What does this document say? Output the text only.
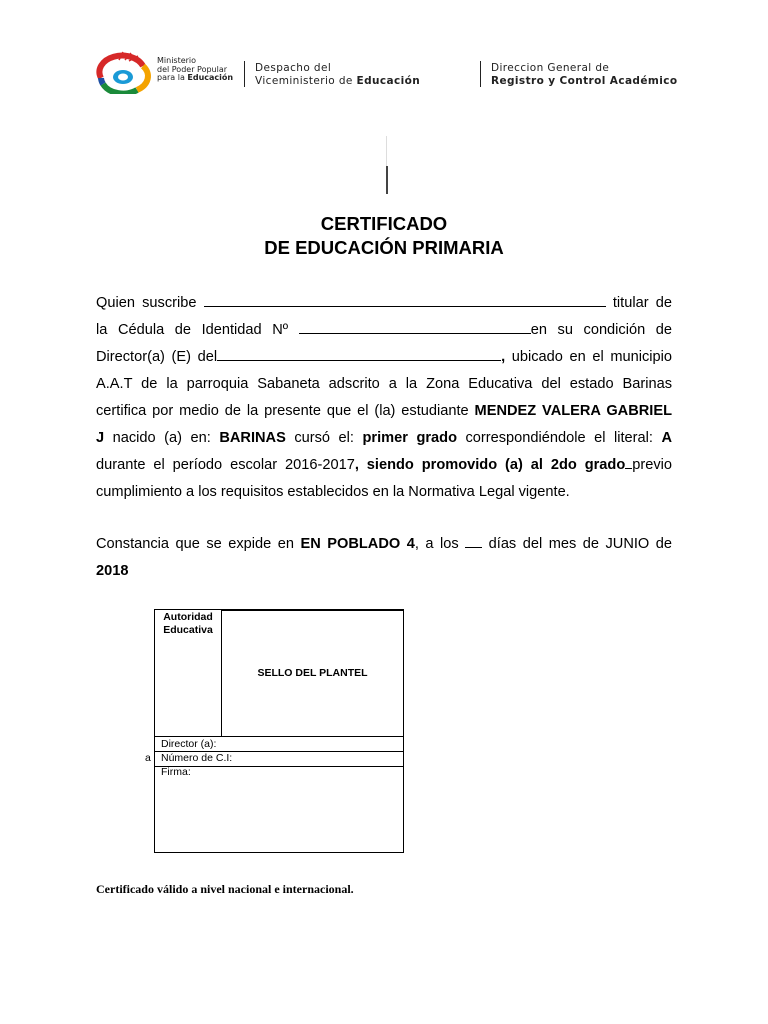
Ministerio
del Poder Popular
para la Educación
Despacho del
Viceministerio de Educación
Direccion General de
Registro y Control Académico
CERTIFICADO
DE EDUCACIÓN PRIMARIA
Quien suscribe	titular de
la Cédula de Identidad Nº	en su condición de
Director(a) (E) del	, ubicado en el municipio
A.A.T de la parroquia Sabaneta adscrito a la Zona Educativa del estado Barinas
certifica por medio de la presente que el (la) estudiante MENDEZ VALERA GABRIEL
J nacido (a) en: BARINAS cursó el: primer grado correspondiéndole el literal: A
durante el período escolar 2016-2017, siendo promovido (a) al 2do grado previo
cumplimiento a los requisitos establecidos en la Normativa Legal vigente.
Constancia que se expide en EN POBLADO 4, a los  días del mes de JUNIO de
2018
a
Autoridad Educativa
SELLO DEL PLANTEL
Director (a):
Número de C.I:
Firma:
Certificado válido a nivel nacional e internacional.
